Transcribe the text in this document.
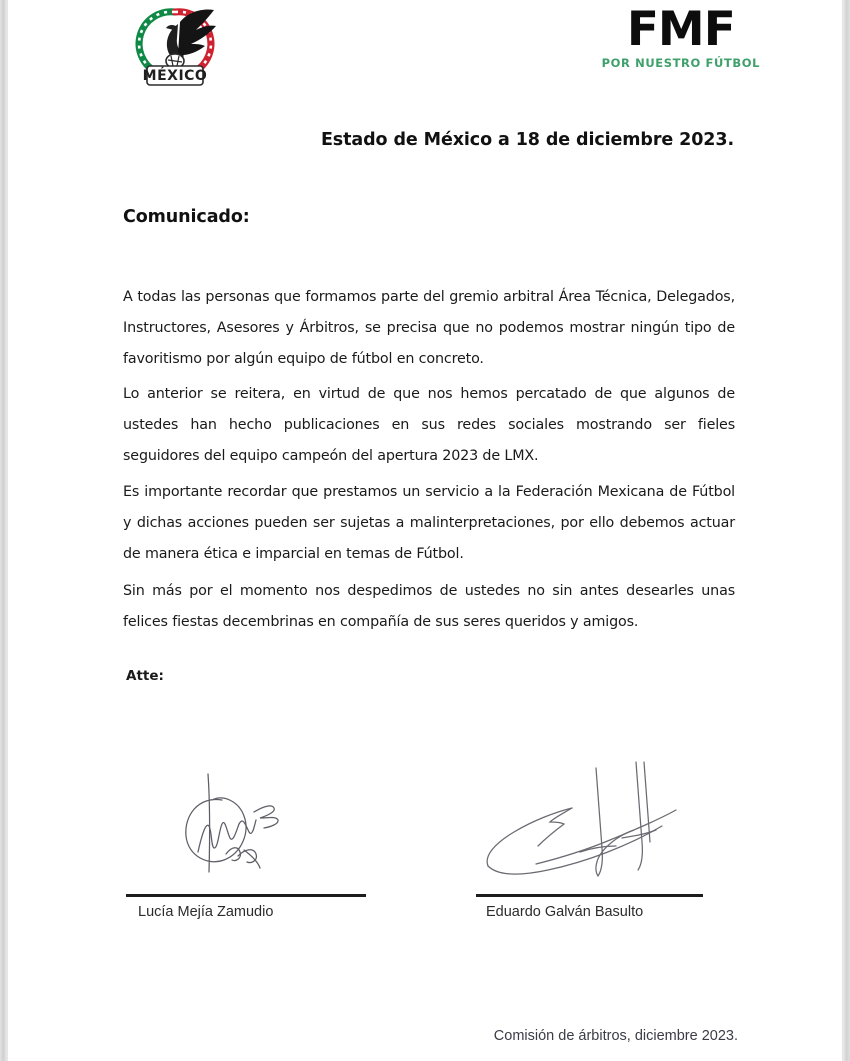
MÉXICO
FMF
POR NUESTRO FÚTBOL
Estado de México a 18 de diciembre 2023.
Comunicado:

A todas las personas que formamos parte del gremio arbitral Área Técnica, Delegados, Instructores, Asesores y Árbitros, se precisa que no podemos mostrar ningún tipo de favoritismo por algún equipo de fútbol en concreto.

Lo anterior se reitera, en virtud de que nos hemos percatado de que algunos de ustedes han hecho publicaciones en sus redes sociales mostrando ser fieles seguidores del equipo campeón del apertura 2023 de LMX.

Es importante recordar que prestamos un servicio a la Federación Mexicana de Fútbol y dichas acciones pueden ser sujetas a malinterpretaciones, por ello debemos actuar de manera ética e imparcial en temas de Fútbol.

Sin más por el momento nos despedimos de ustedes no sin antes desearles unas felices fiestas decembrinas en compañía de sus seres queridos y amigos.

Atte:
Lucía Mejía Zamudio	Eduardo Galván Basulto
Comisión de árbitros, diciembre 2023.
